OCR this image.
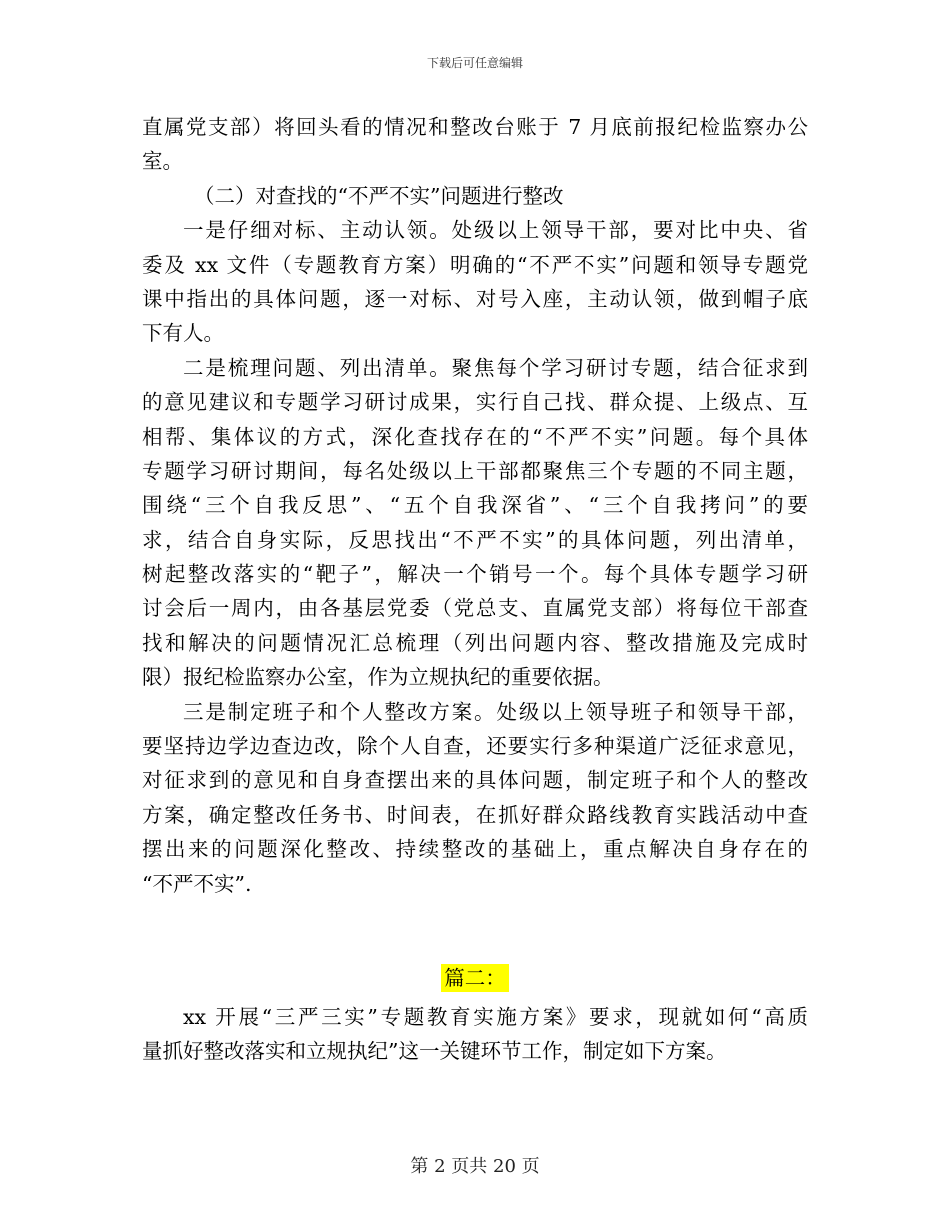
下载后可任意编辑
直属党支部）将回头看的情况和整改台账于 7 月底前报纪检监察办公
室。
（二）对查找的“不严不实”问题进行整改
一是仔细对标、主动认领。处级以上领导干部，要对比中央、省
委及 xx 文件（专题教育方案）明确的“不严不实”问题和领导专题党
课中指出的具体问题，逐一对标、对号入座，主动认领，做到帽子底
下有人。
二是梳理问题、列出清单。聚焦每个学习研讨专题，结合征求到
的意见建议和专题学习研讨成果，实行自己找、群众提、上级点、互
相帮、集体议的方式，深化查找存在的“不严不实”问题。每个具体
专题学习研讨期间，每名处级以上干部都聚焦三个专题的不同主题，
围绕“三个自我反思”、“五个自我深省”、“三个自我拷问”的要
求，结合自身实际，反思找出“不严不实”的具体问题，列出清单，
树起整改落实的“靶子”，解决一个销号一个。每个具体专题学习研
讨会后一周内，由各基层党委（党总支、直属党支部）将每位干部查
找和解决的问题情况汇总梳理（列出问题内容、整改措施及完成时
限）报纪检监察办公室，作为立规执纪的重要依据。
三是制定班子和个人整改方案。处级以上领导班子和领导干部，
要坚持边学边查边改，除个人自查，还要实行多种渠道广泛征求意见，
对征求到的意见和自身查摆出来的具体问题，制定班子和个人的整改
方案，确定整改任务书、时间表，在抓好群众路线教育实践活动中查
摆出来的问题深化整改、持续整改的基础上，重点解决自身存在的
“不严不实”.
篇二：
xx 开展“三严三实”专题教育实施方案》要求，现就如何“高质
量抓好整改落实和立规执纪”这一关键环节工作，制定如下方案。
第 2 页共 20 页
